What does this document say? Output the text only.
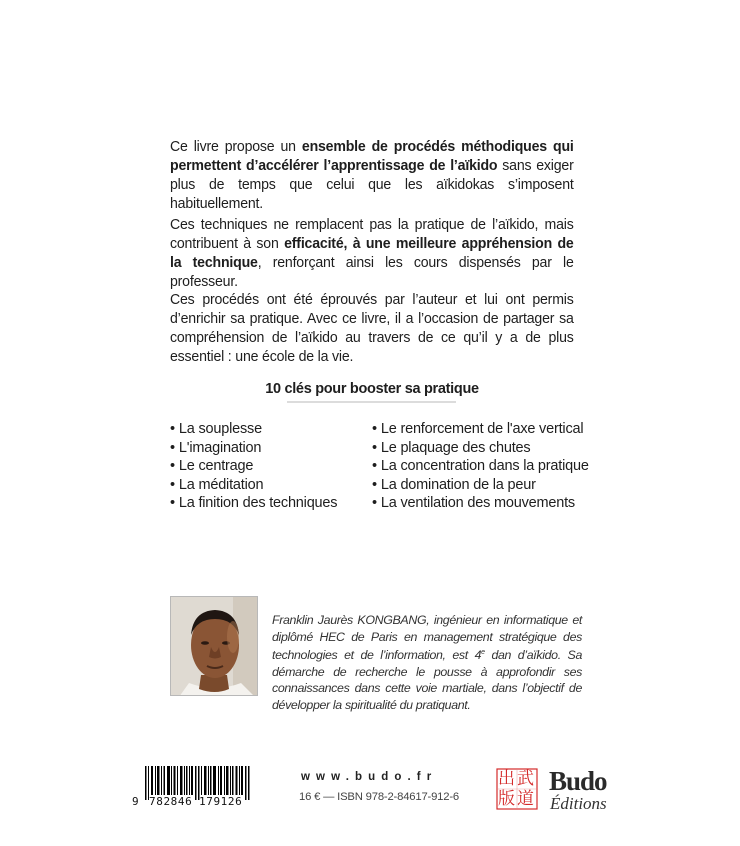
Ce livre propose un ensemble de procédés méthodiques qui permettent d’accélérer l’apprentissage de l’aïkido sans exiger plus de temps que celui que les aïkidokas s’imposent habituellement.
Ces techniques ne remplacent pas la pratique de l’aïkido, mais contribuent à son efficacité, à une meilleure appréhension de la technique, renforçant ainsi les cours dispensés par le professeur.
Ces procédés ont été éprouvés par l’auteur et lui ont permis d’enrichir sa pratique. Avec ce livre, il a l’occasion de partager sa compréhension de l’aïkido au travers de ce qu’il y a de plus essentiel : une école de la vie.
10 clés pour booster sa pratique
• La souplesse
• L'imagination
• Le centrage
• La méditation
• La finition des techniques
• Le renforcement de l'axe vertical
• Le plaquage des chutes
• La concentration dans la pratique
• La domination de la peur
• La ventilation des mouvements
Franklin Jaurès KONGBANG, ingénieur en informatique et diplômé HEC de Paris en management stratégique des technologies et de l’information, est 4e dan d’aïkido. Sa démarche de recherche le pousse à approfondir ses connaissances dans cette voie martiale, dans l’objectif de développer la spiritualité du pratiquant.
9 782846 179126
www.budo.fr
16 € — ISBN 978-2-84617-912-6
出 武
版 道
Budo
Éditions
